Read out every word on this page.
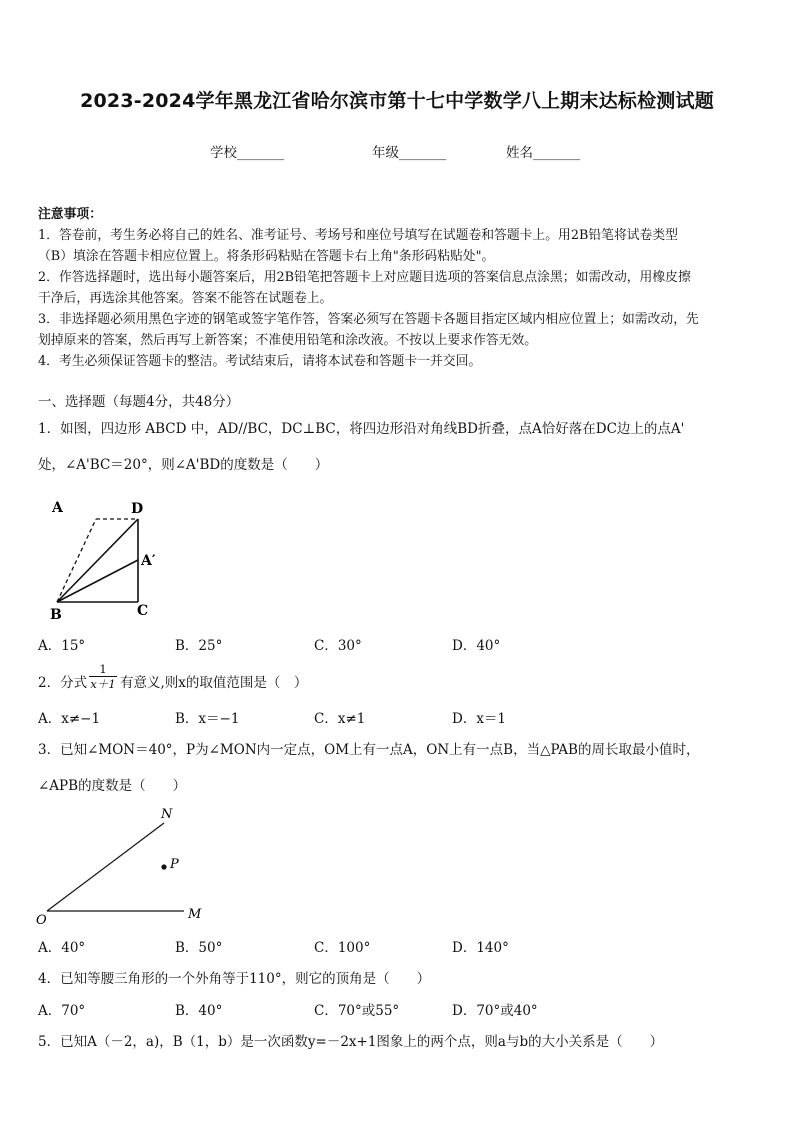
2023-2024学年黑龙江省哈尔滨市第十七中学数学八上期末达标检测试题
学校_______	年级_______	姓名_______
注意事项：
1．答卷前，考生务必将自己的姓名、准考证号、考场号和座位号填写在试题卷和答题卡上。用2B铅笔将试卷类型
（B）填涂在答题卡相应位置上。将条形码粘贴在答题卡右上角"条形码粘贴处"。
2．作答选择题时，选出每小题答案后，用2B铅笔把答题卡上对应题目选项的答案信息点涂黑；如需改动，用橡皮擦
干净后，再选涂其他答案。答案不能答在试题卷上。
3．非选择题必须用黑色字迹的钢笔或签字笔作答，答案必须写在答题卡各题目指定区域内相应位置上；如需改动，先
划掉原来的答案，然后再写上新答案；不准使用铅笔和涂改液。不按以上要求作答无效。
4．考生必须保证答题卡的整洁。考试结束后，请将本试卷和答题卡一并交回。
一、选择题（每题4分，共48分）
1．如图，四边形 ABCD 中，AD//BC，DC⊥BC，将四边形沿对角线BD折叠，点A恰好落在DC边上的点A'
处，∠A'BC＝20°，则∠A'BD的度数是（　　）
A	D
A′
B	C
A．15°	B．25°	C．30°	D．40°
2．分式
1
x＋1 有意义,则x的取值范围是（　）
A．x≠−1	B．x＝−1	C．x≠1	D．x＝1
3．已知∠MON＝40°，P为∠MON内一定点，OM上有一点A，ON上有一点B，当△PAB的周长取最小值时，
∠APB的度数是（　　）
N
P
O	M
A．40°	B．50°	C．100°	D．140°
4．已知等腰三角形的一个外角等于110°，则它的顶角是（　　）
A．70°	B．40°	C．70°或55°	D．70°或40°
5．已知A（－2，a)，B（1，b）是一次函数y=－2x+1图象上的两个点，则a与b的大小关系是（　　）
